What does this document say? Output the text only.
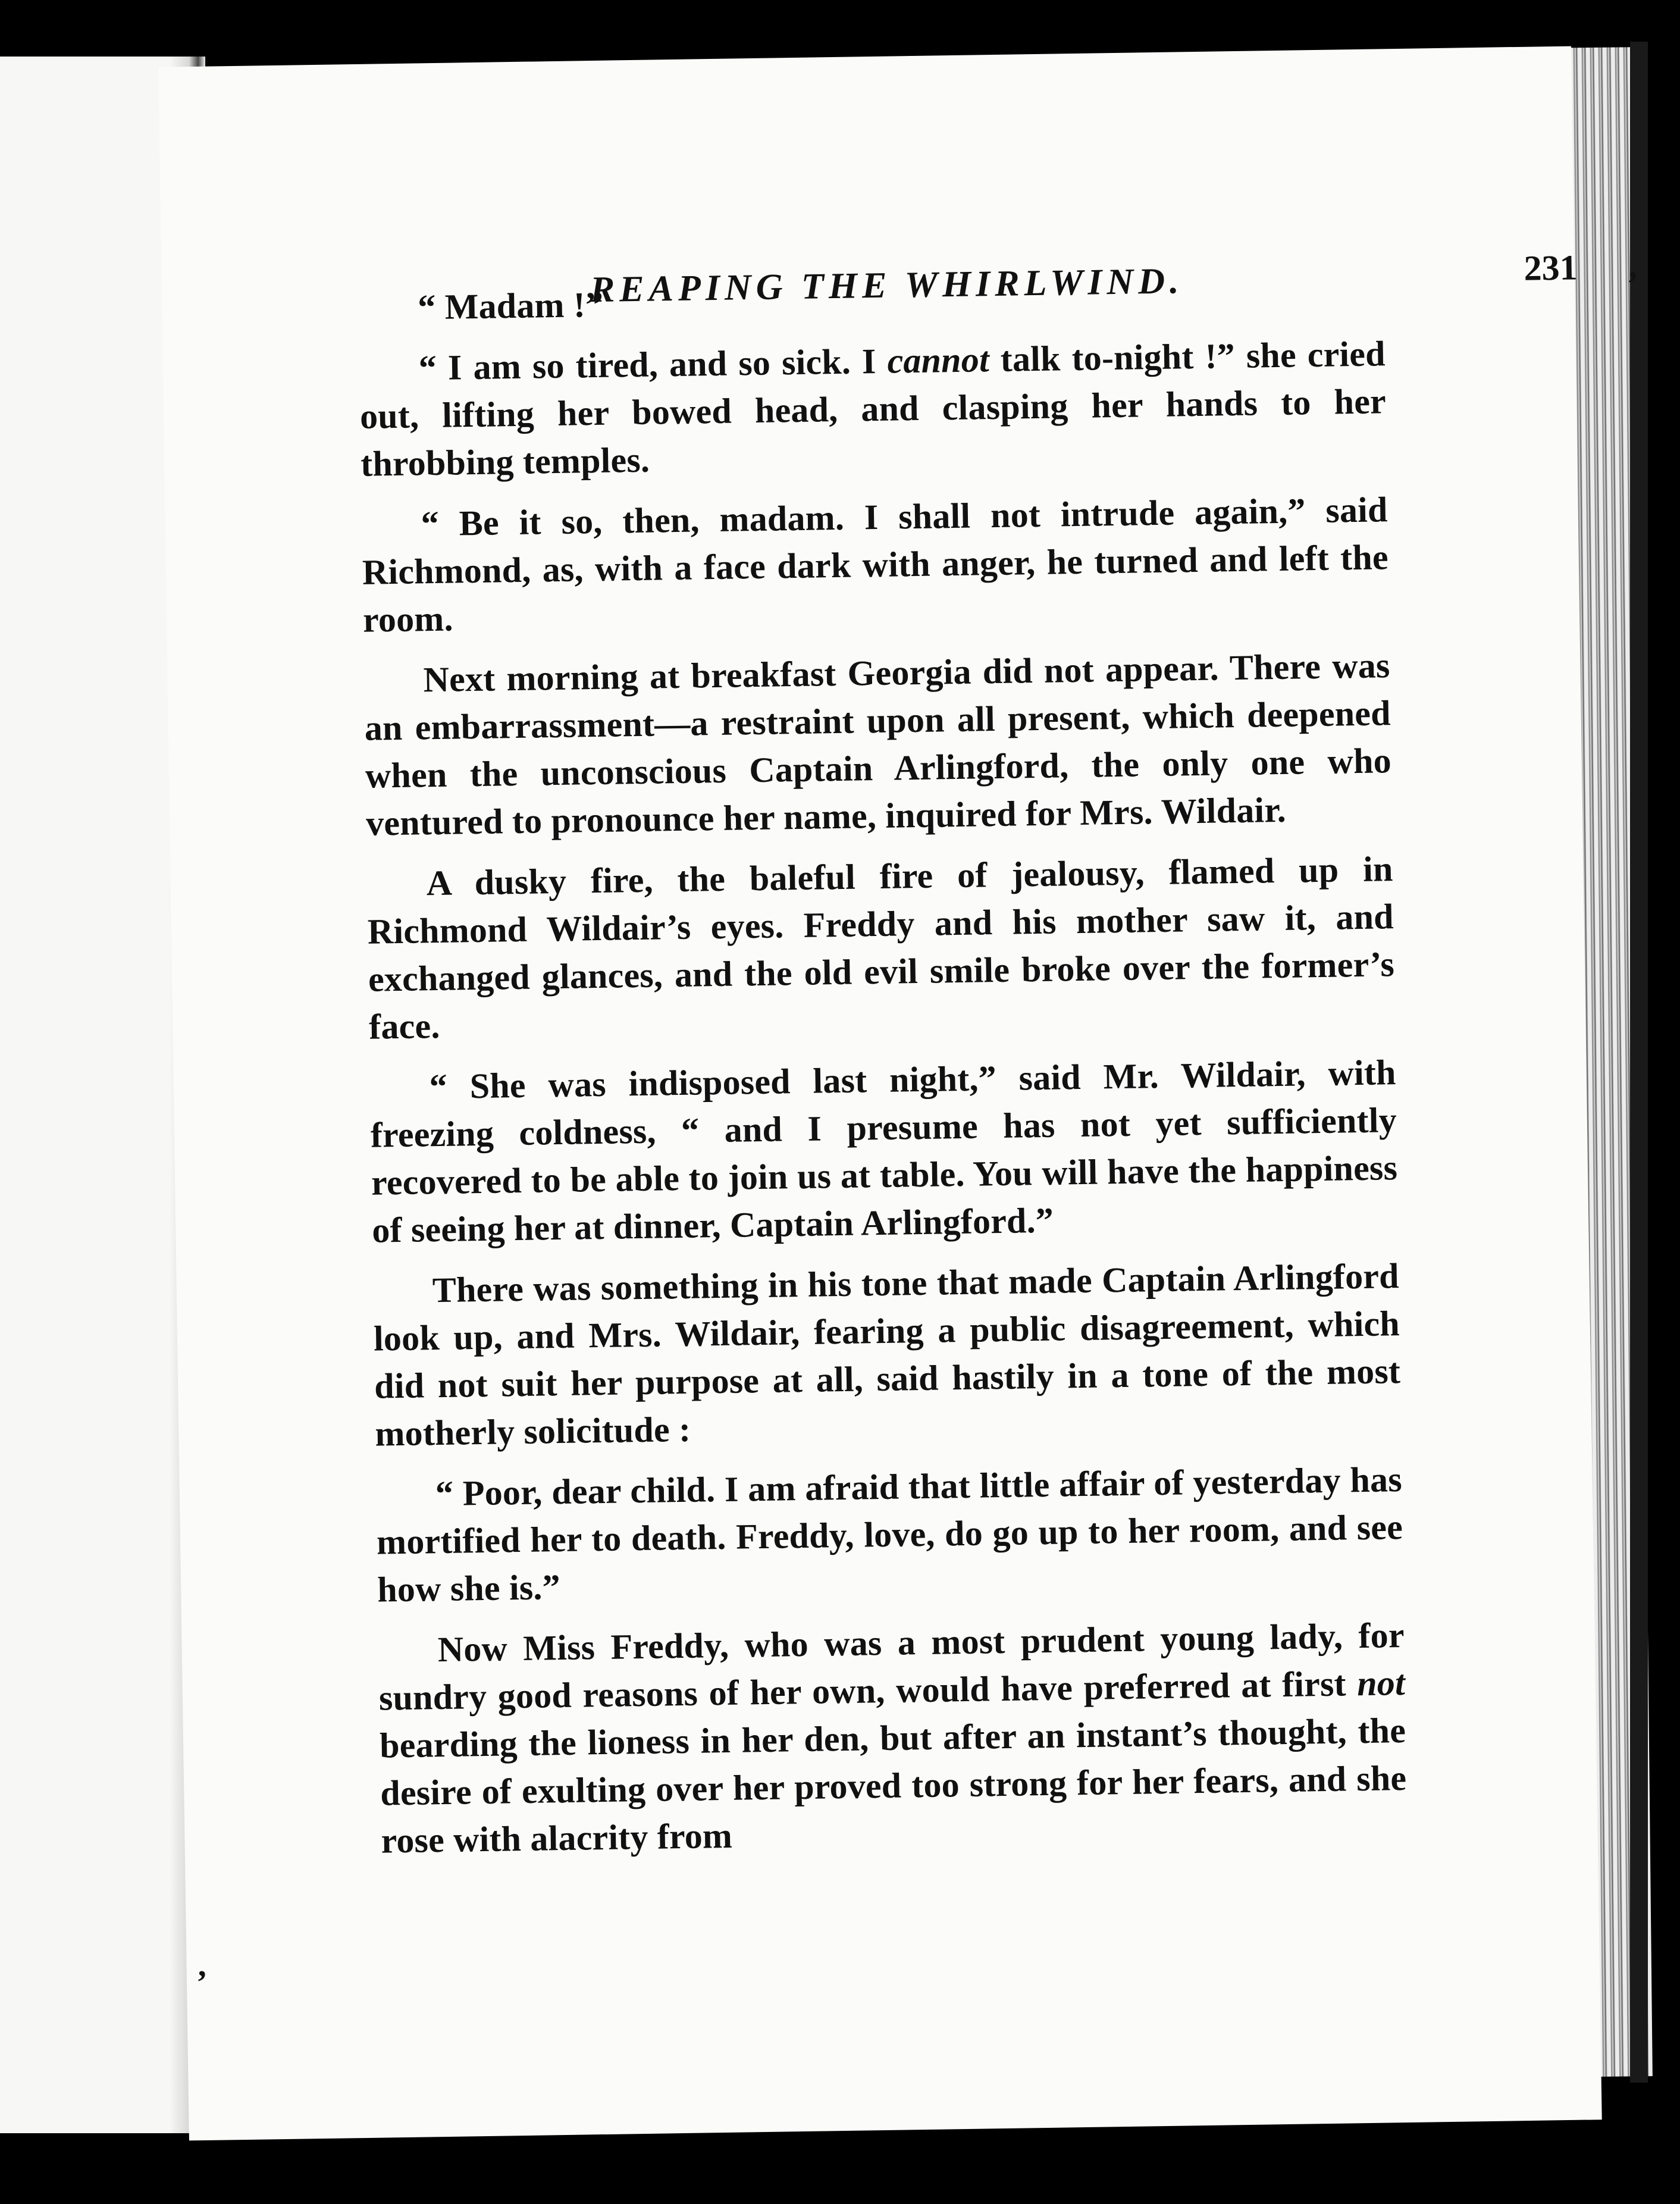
REAPING THE WHIRLWIND.	231

“ Madam !”

“ I am so tired, and so sick. I cannot talk to-night !” she cried out, lifting her bowed head, and clasping her hands to her throbbing temples.

“ Be it so, then, madam. I shall not intrude again,” said Richmond, as, with a face dark with anger, he turned and left the room.

Next morning at breakfast Georgia did not appear. There was an embarrassment—a restraint upon all present, which deepened when the unconscious Captain Arlingford, the only one who ventured to pronounce her name, inquired for Mrs. Wildair.

A dusky fire, the baleful fire of jealousy, flamed up in Richmond Wildair’s eyes. Freddy and his mother saw it, and exchanged glances, and the old evil smile broke over the former’s face.

“ She was indisposed last night,” said Mr. Wildair, with freezing coldness, “ and I presume has not yet sufficiently recovered to be able to join us at table. You will have the happiness of seeing her at dinner, Captain Arlingford.”

There was something in his tone that made Captain Arlingford look up, and Mrs. Wildair, fearing a public disagreement, which did not suit her purpose at all, said hastily in a tone of the most motherly solicitude :

“ Poor, dear child. I am afraid that little affair of yesterday has mortified her to death. Freddy, love, do go up to her room, and see how she is.”

Now Miss Freddy, who was a most prudent young lady, for sundry good reasons of her own, would have preferred at first not bearding the lioness in her den, but after an instant’s thought, the desire of exulting over her proved too strong for her fears, and she rose with alacrity from

’
’
